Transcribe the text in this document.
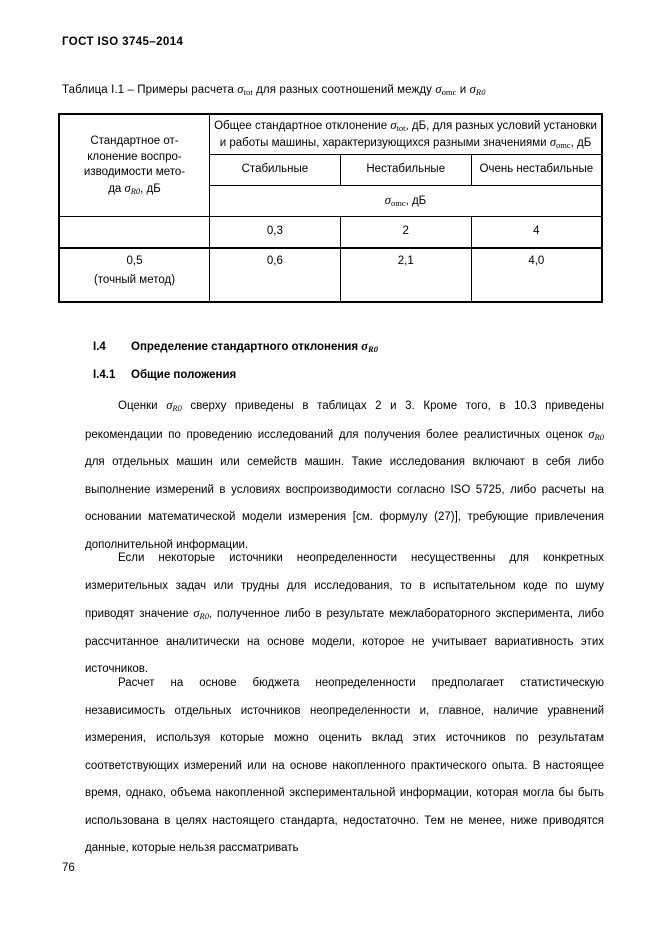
ГОСТ ISO 3745–2014
Таблица I.1 – Примеры расчета $\sigma_{tot}$ для разных соотношений между $\sigma_{omc}$ и $\sigma_{R0}$
Стандартное от-
клонение воспро-
изводимости мето-
да $\sigma_{R0}$, дБ	Общее стандартное отклонение $\sigma_{tot}$, дБ, для разных условий установки и работы машины, характеризующихся разными значениями $\sigma_{omc}$, дБ		
	Стабильные	Нестабильные	Очень нестабильные
	$\sigma_{omc}$, дБ		
	0,3	2	4
0,5
(точный метод)	0,6	2,1	4,0
I.4 Определение стандартного отклонения $\sigma_{R0}$
I.4.1 Общие положения

Оценки $\sigma_{R0}$ сверху приведены в таблицах 2 и 3. Кроме того, в 10.3 приведены рекомендации по проведению исследований для получения более реалистичных оценок $\sigma_{R0}$ для отдельных машин или семейств машин. Такие исследования включают в себя либо выполнение измерений в условиях воспроизводимости согласно ISO 5725, либо расчеты на основании математической модели измерения [см. формулу (27)], требующие привлечения дополнительной информации.

Если некоторые источники неопределенности несущественны для конкретных измерительных задач или трудны для исследования, то в испытательном коде по шуму приводят значение $\sigma_{R0}$, полученное либо в результате межлабораторного эксперимента, либо рассчитанное аналитически на основе модели, которое не учитывает вариативность этих источников.

Расчет на основе бюджета неопределенности предполагает статистическую независимость отдельных источников неопределенности и, главное, наличие уравнений измерения, используя которые можно оценить вклад этих источников по результатам соответствующих измерений или на основе накопленного практического опыта. В настоящее время, однако, объема накопленной экспериментальной информации, которая могла бы быть использована в целях настоящего стандарта, недостаточно. Тем не менее, ниже приводятся данные, которые нельзя рассматривать

76
